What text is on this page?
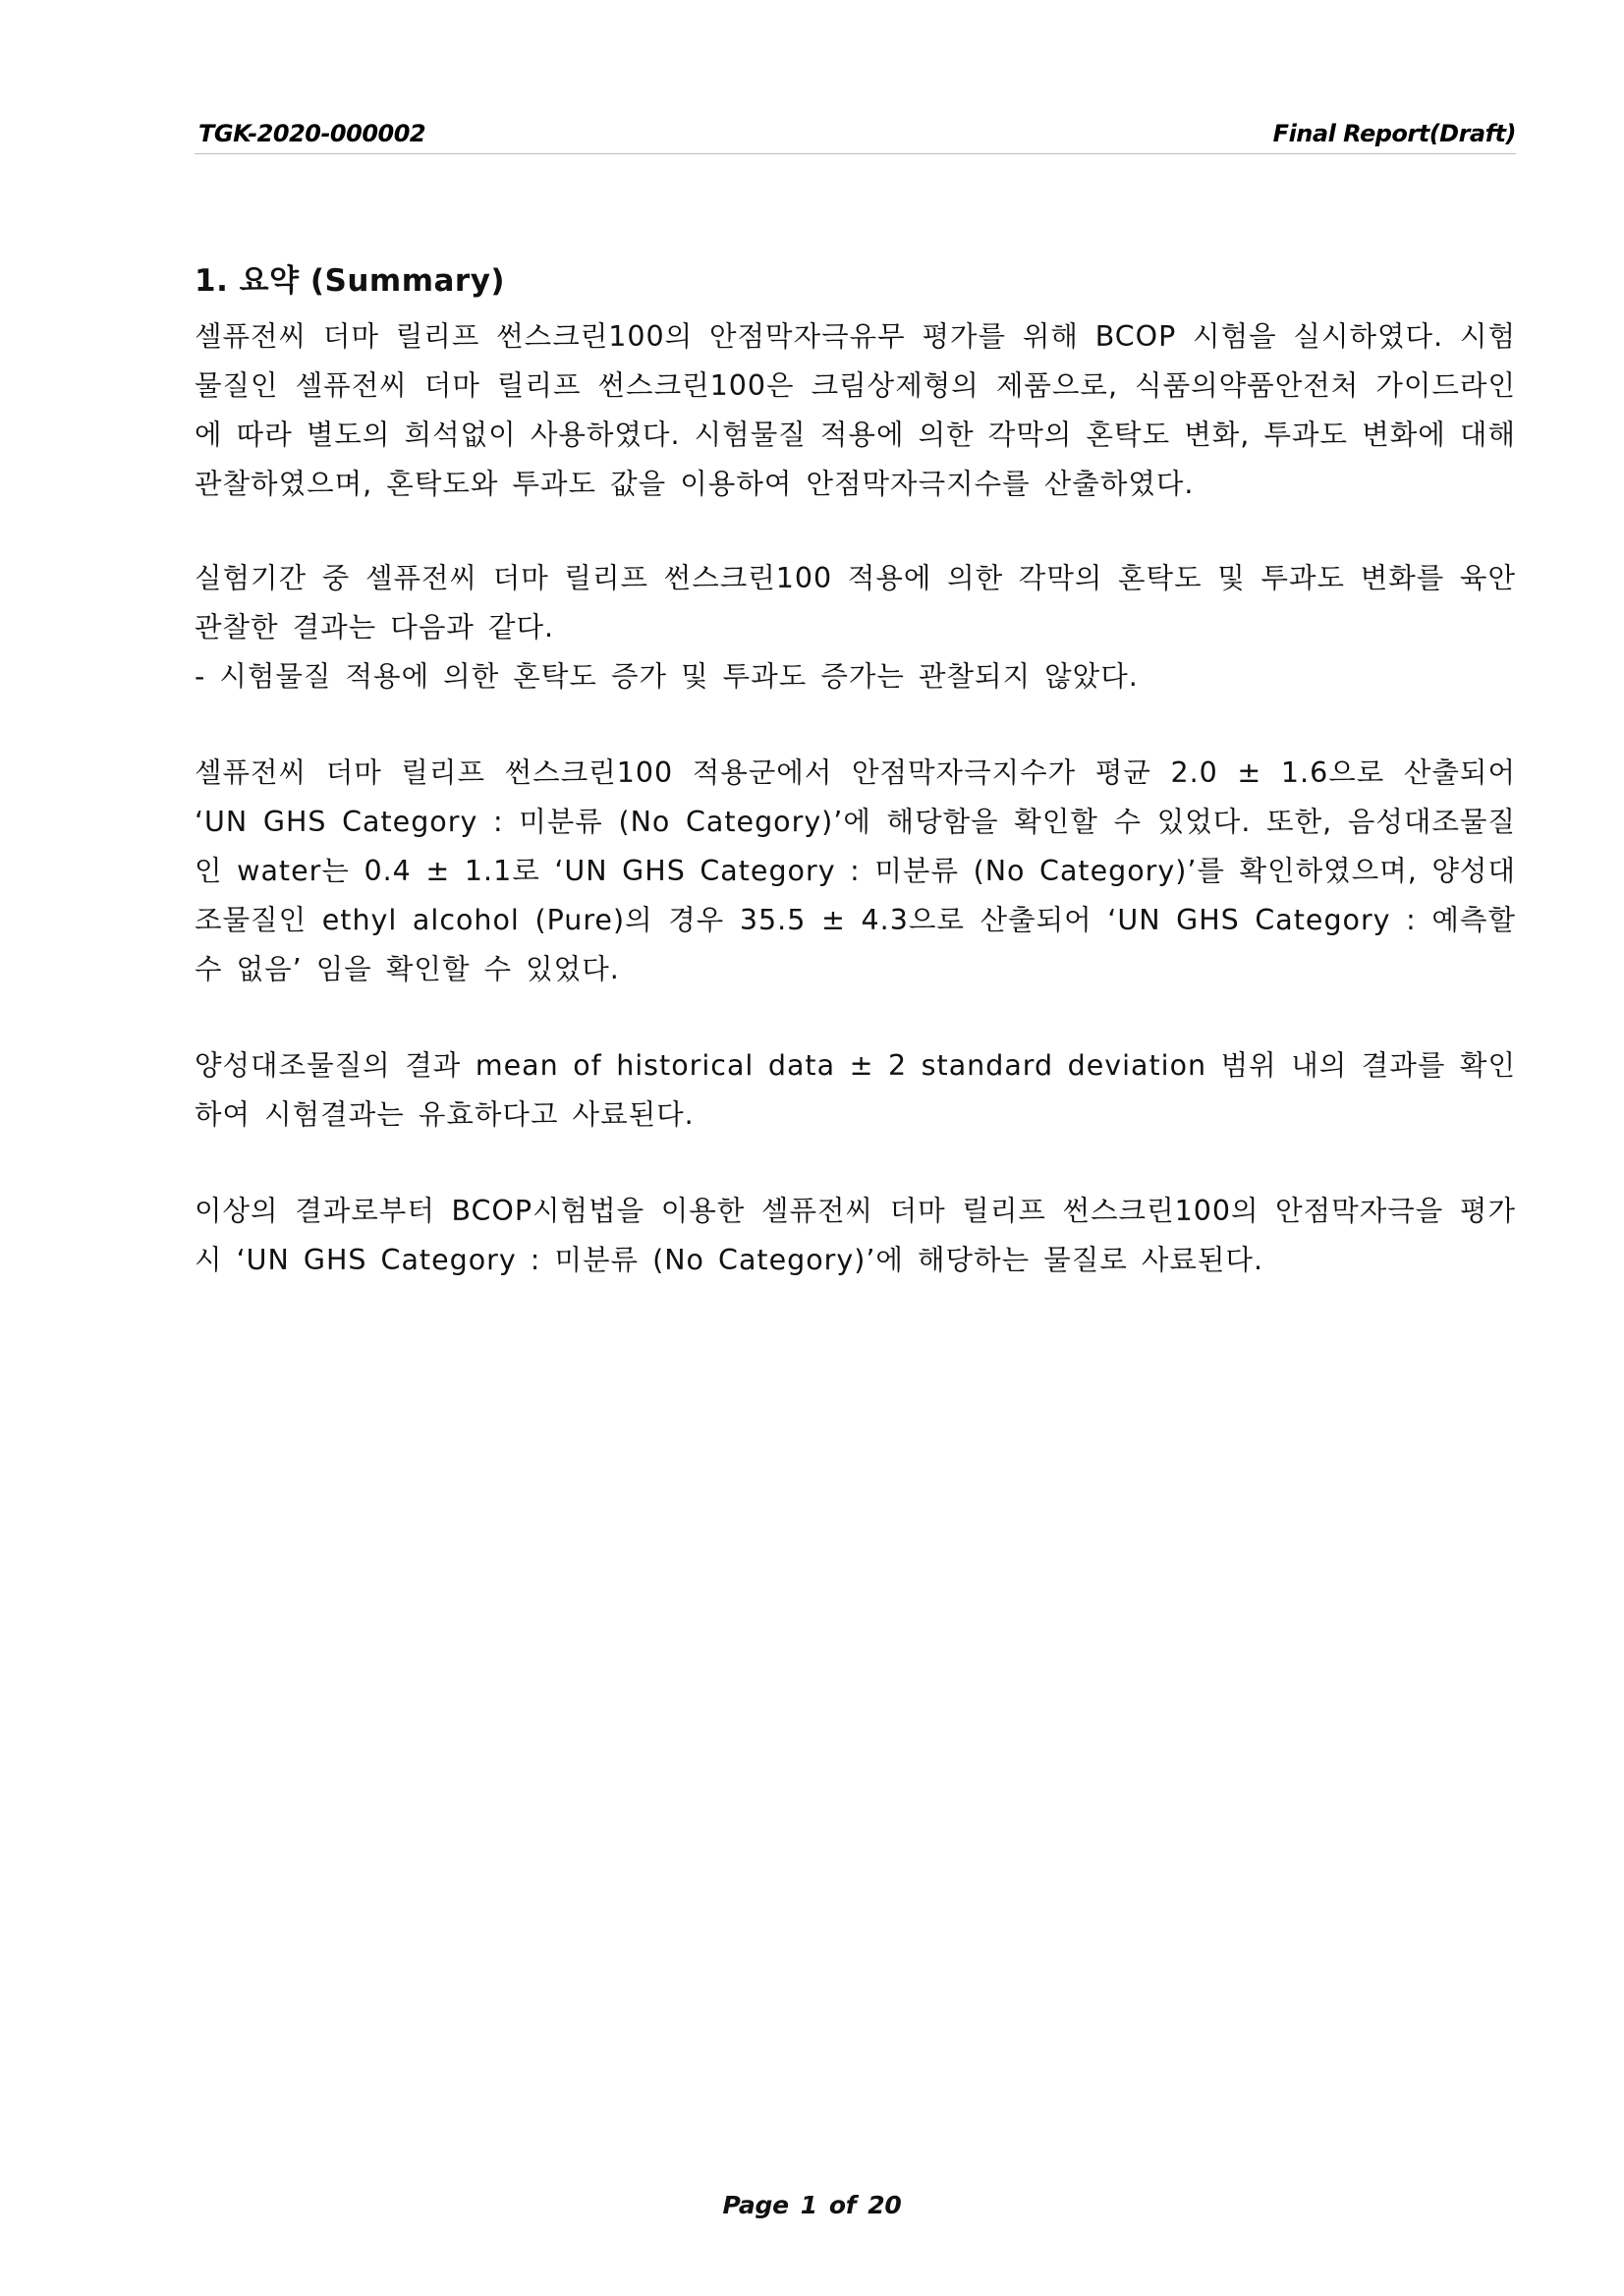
TGK-2020-000002	Final Report(Draft)
1. 요약 (Summary)

셀퓨전씨 더마 릴리프 썬스크린100의 안점막자극유무 평가를 위해 BCOP 시험을 실시하였다. 시험물질인 셀퓨전씨 더마 릴리프 썬스크린100은 크림상제형의 제품으로, 식품의약품안전처 가이드라인에 따라 별도의 희석없이 사용하였다. 시험물질 적용에 의한 각막의 혼탁도 변화, 투과도 변화에 대해 관찰하였으며, 혼탁도와 투과도 값을 이용하여 안점막자극지수를 산출하였다.

실험기간 중 셀퓨전씨 더마 릴리프 썬스크린100 적용에 의한 각막의 혼탁도 및 투과도 변화를 육안관찰한 결과는 다음과 같다.

- 시험물질 적용에 의한 혼탁도 증가 및 투과도 증가는 관찰되지 않았다.

셀퓨전씨 더마 릴리프 썬스크린100 적용군에서 안점막자극지수가 평균 2.0 ± 1.6으로 산출되어 ‘UN GHS Category : 미분류 (No Category)’에 해당함을 확인할 수 있었다. 또한, 음성대조물질인 water는 0.4 ± 1.1로 ‘UN GHS Category : 미분류 (No Category)’를 확인하였으며, 양성대조물질인 ethyl alcohol (Pure)의 경우 35.5 ± 4.3으로 산출되어 ‘UN GHS Category : 예측할 수 없음’ 임을 확인할 수 있었다.

양성대조물질의 결과 mean of historical data ± 2 standard deviation 범위 내의 결과를 확인하여 시험결과는 유효하다고 사료된다.

이상의 결과로부터 BCOP시험법을 이용한 셀퓨전씨 더마 릴리프 썬스크린100의 안점막자극을 평가시 ‘UN GHS Category : 미분류 (No Category)’에 해당하는 물질로 사료된다.

Page 1 of 20
